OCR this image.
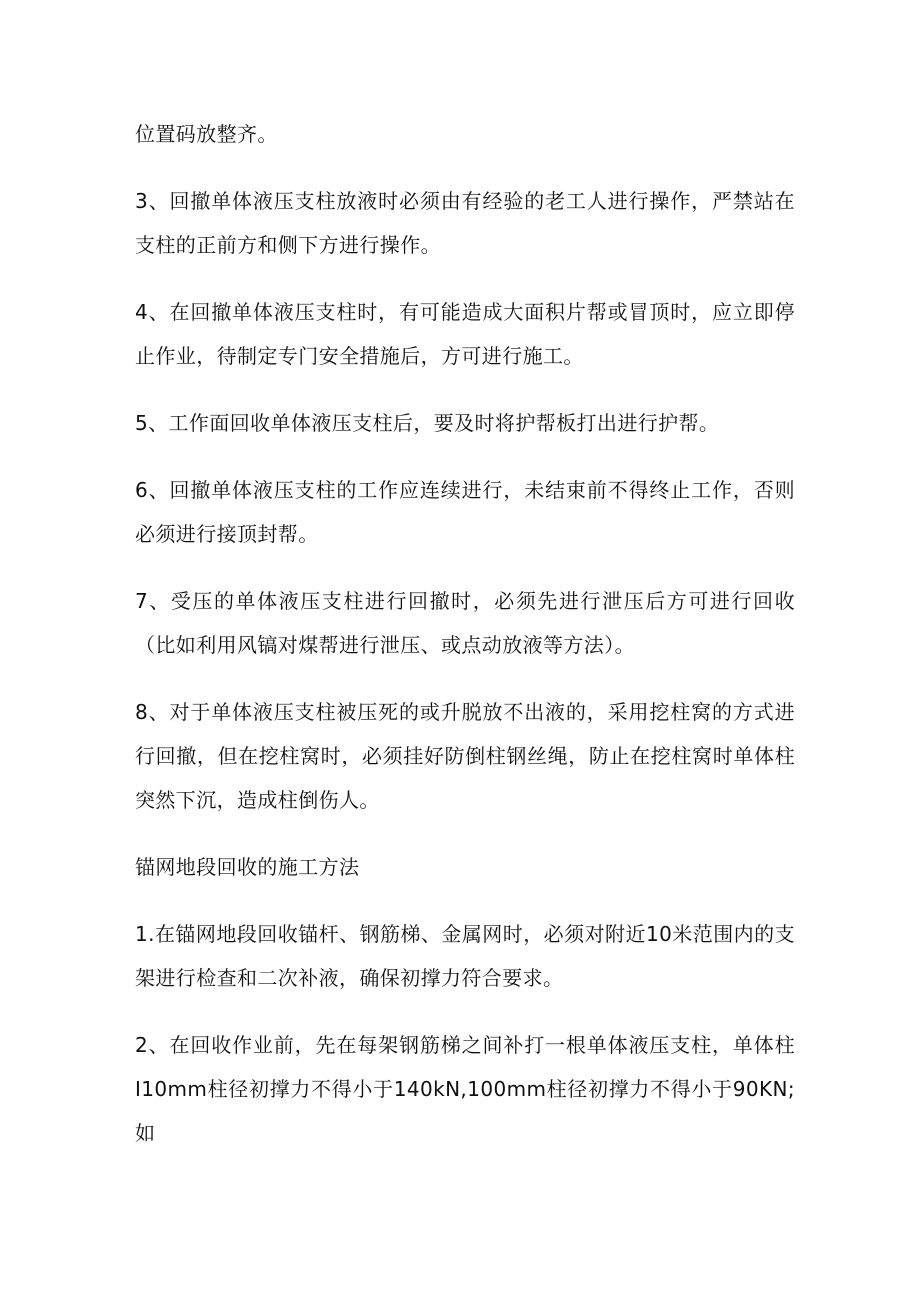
位置码放整齐。

3、回撤单体液压支柱放液时必须由有经验的老工人进行操作，严禁站在支柱的正前方和侧下方进行操作。

4、在回撤单体液压支柱时，有可能造成大面积片帮或冒顶时，应立即停止作业，待制定专门安全措施后，方可进行施工。

5、工作面回收单体液压支柱后，要及时将护帮板打出进行护帮。

6、回撤单体液压支柱的工作应连续进行，未结束前不得终止工作，否则必须进行接顶封帮。

7、受压的单体液压支柱进行回撤时，必须先进行泄压后方可进行回收（比如利用风镐对煤帮进行泄压、或点动放液等方法）。

8、对于单体液压支柱被压死的或升脱放不出液的，采用挖柱窝的方式进行回撤，但在挖柱窝时，必须挂好防倒柱钢丝绳，防止在挖柱窝时单体柱突然下沉，造成柱倒伤人。

锚网地段回收的施工方法

1.在锚网地段回收锚杆、钢筋梯、金属网时，必须对附近10米范围内的支架进行检查和二次补液，确保初撑力符合要求。

2、在回收作业前，先在每架钢筋梯之间补打一根单体液压支柱，单体柱I10mm柱径初撑力不得小于140kN,100mm柱径初撑力不得小于90KN;如
